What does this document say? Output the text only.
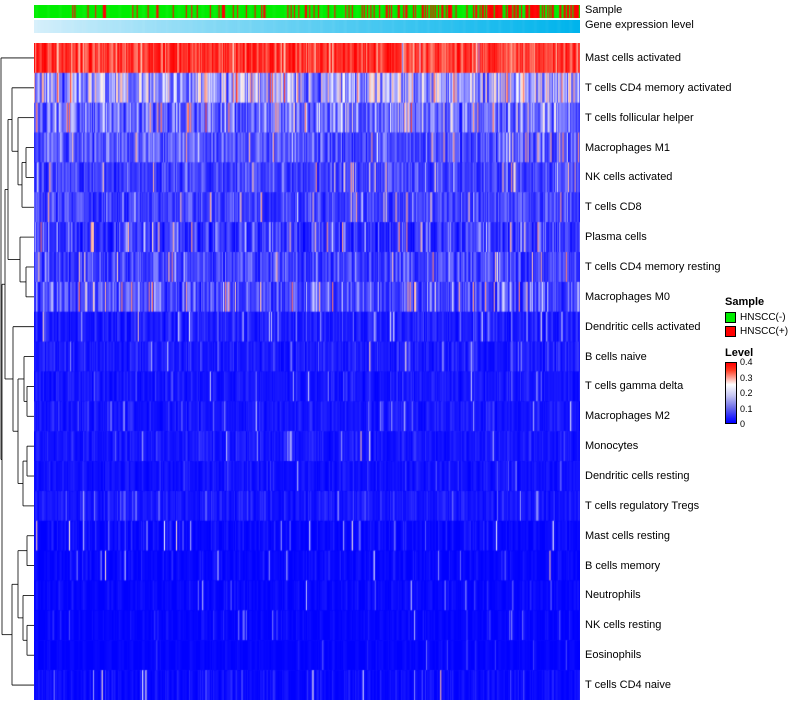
Sample
Gene expression level
Mast cells activated
T cells CD4 memory activated
T cells follicular helper
Macrophages M1
NK cells activated
T cells CD8
Plasma cells
T cells CD4 memory resting
Macrophages M0
Dendritic cells activated
B cells naive
T cells gamma delta
Macrophages M2
Monocytes
Dendritic cells resting
T cells regulatory Tregs
Mast cells resting
B cells memory
Neutrophils
NK cells resting
Eosinophils
T cells CD4 naive
Sample
HNSCC(-)
HNSCC(+)
Level
0.4
0.3
0.2
0.1
0
